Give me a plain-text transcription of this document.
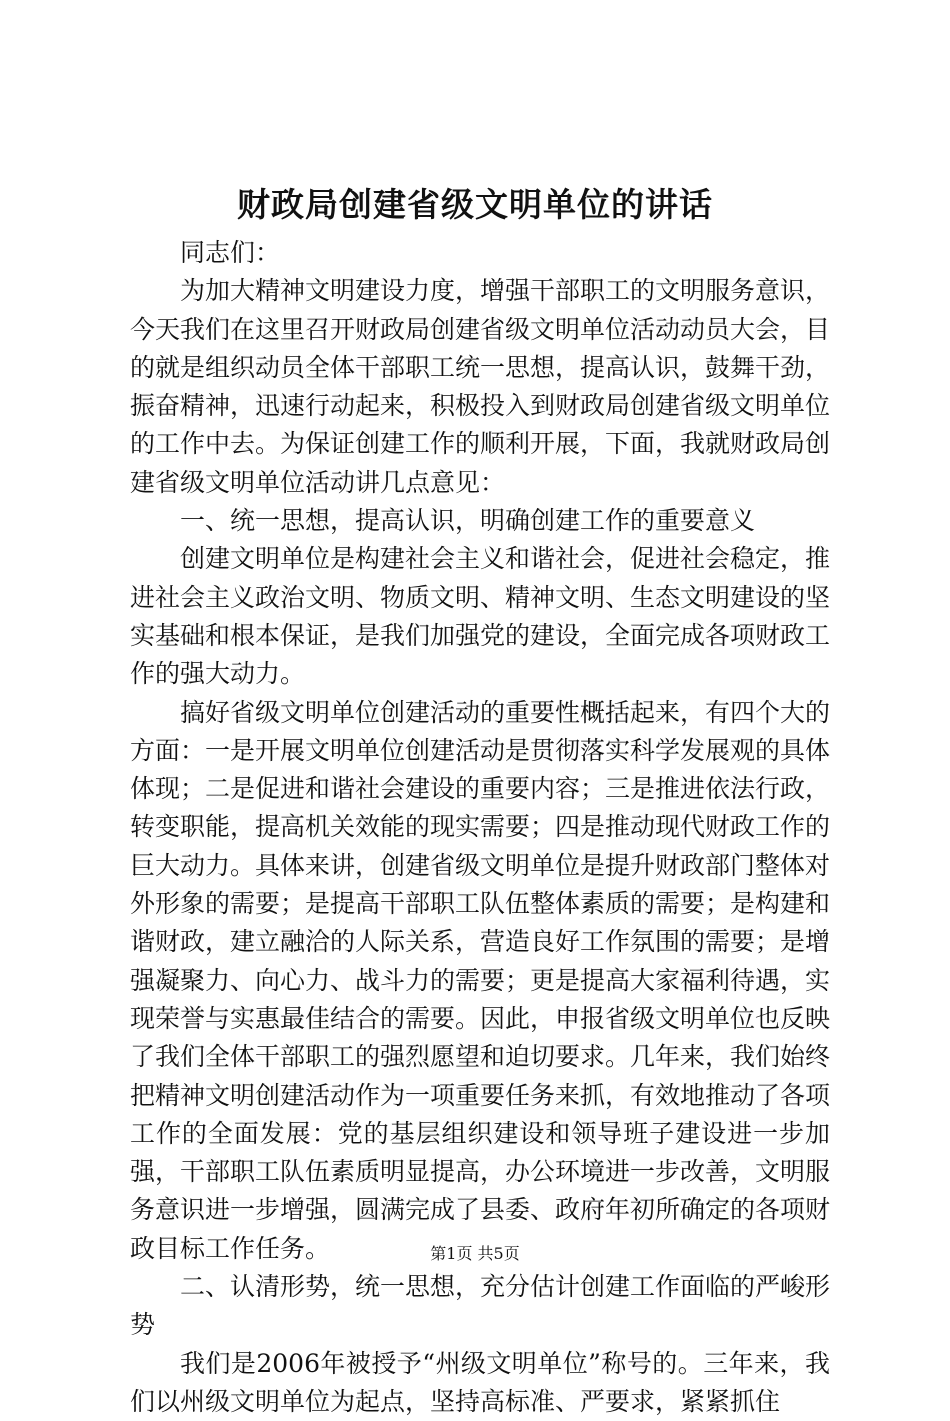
财政局创建省级文明单位的讲话

同志们：

为加大精神文明建设力度，增强干部职工的文明服务意识，今天我们在这里召开财政局创建省级文明单位活动动员大会，目的就是组织动员全体干部职工统一思想，提高认识，鼓舞干劲，振奋精神，迅速行动起来，积极投入到财政局创建省级文明单位的工作中去。为保证创建工作的顺利开展，下面，我就财政局创建省级文明单位活动讲几点意见：

一、统一思想，提高认识，明确创建工作的重要意义

创建文明单位是构建社会主义和谐社会，促进社会稳定，推进社会主义政治文明、物质文明、精神文明、生态文明建设的坚实基础和根本保证，是我们加强党的建设，全面完成各项财政工作的强大动力。

搞好省级文明单位创建活动的重要性概括起来，有四个大的方面：一是开展文明单位创建活动是贯彻落实科学发展观的具体体现；二是促进和谐社会建设的重要内容；三是推进依法行政，转变职能，提高机关效能的现实需要；四是推动现代财政工作的巨大动力。具体来讲，创建省级文明单位是提升财政部门整体对外形象的需要；是提高干部职工队伍整体素质的需要；是构建和谐财政，建立融洽的人际关系，营造良好工作氛围的需要；是增强凝聚力、向心力、战斗力的需要；更是提高大家福利待遇，实现荣誉与实惠最佳结合的需要。因此，申报省级文明单位也反映了我们全体干部职工的强烈愿望和迫切要求。几年来，我们始终把精神文明创建活动作为一项重要任务来抓，有效地推动了各项工作的全面发展：党的基层组织建设和领导班子建设进一步加强，干部职工队伍素质明显提高，办公环境进一步改善，文明服务意识进一步增强，圆满完成了县委、政府年初所确定的各项财政目标工作任务。

二、认清形势，统一思想，充分估计创建工作面临的严峻形势

我们是2006年被授予“州级文明单位”称号的。三年来，我们以州级文明单位为起点，坚持高标准、严要求，紧紧抓住

第1页 共5页
